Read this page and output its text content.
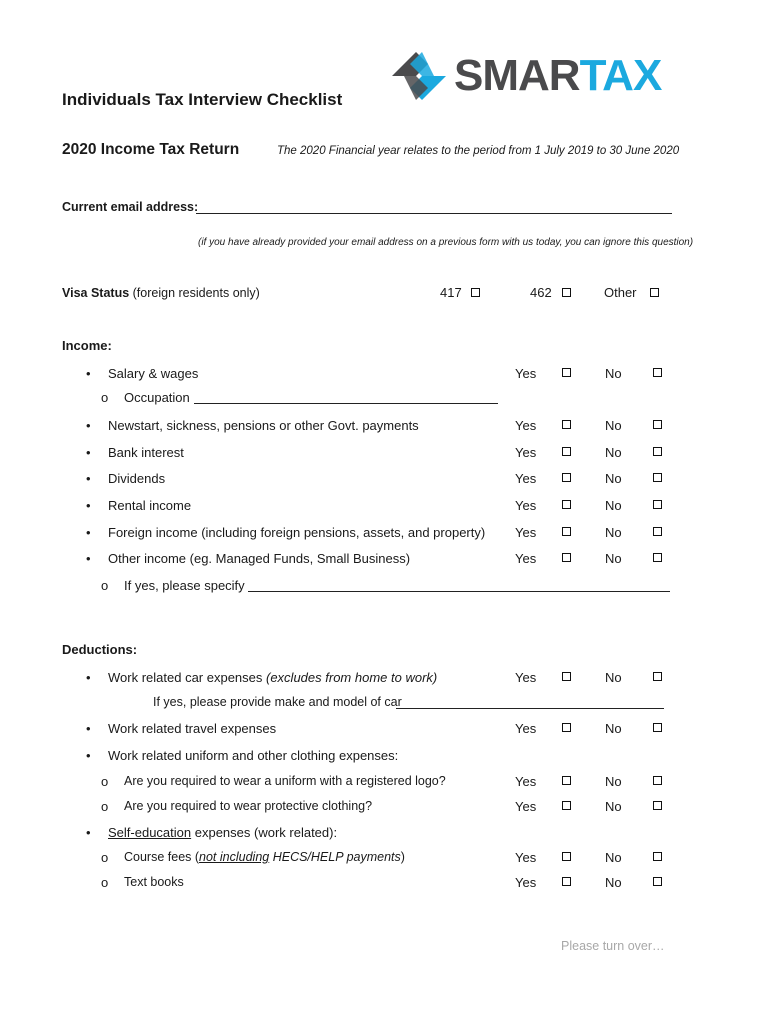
SMARTAX
Individuals Tax Interview Checklist
2020 Income Tax Return	The 2020 Financial year relates to the period from 1 July 2019 to 30 June 2020
Current email address:
(if you have already provided your email address on a previous form with us today, you can ignore this question)
Visa Status (foreign residents only)	417	462	Other
Income:
• Salary & wages	Yes	No
o Occupation
• Newstart, sickness, pensions or other Govt. payments	Yes	No
• Bank interest	Yes	No
• Dividends	Yes	No
• Rental income	Yes	No
• Foreign income (including foreign pensions, assets, and property) Yes	No
• Other income (eg. Managed Funds, Small Business)	Yes	No
o If yes, please specify
Deductions:
• Work related car expenses (excludes from home to work)	Yes	No
If yes, please provide make and model of car
• Work related travel expenses	Yes	No
• Work related uniform and other clothing expenses:
o Are you required to wear a uniform with a registered logo?	Yes	No
o Are you required to wear protective clothing?	Yes	No
• Self-education expenses (work related):
o Course fees (not including HECS/HELP payments)	Yes	No
o Text books	Yes	No
Please turn over…
